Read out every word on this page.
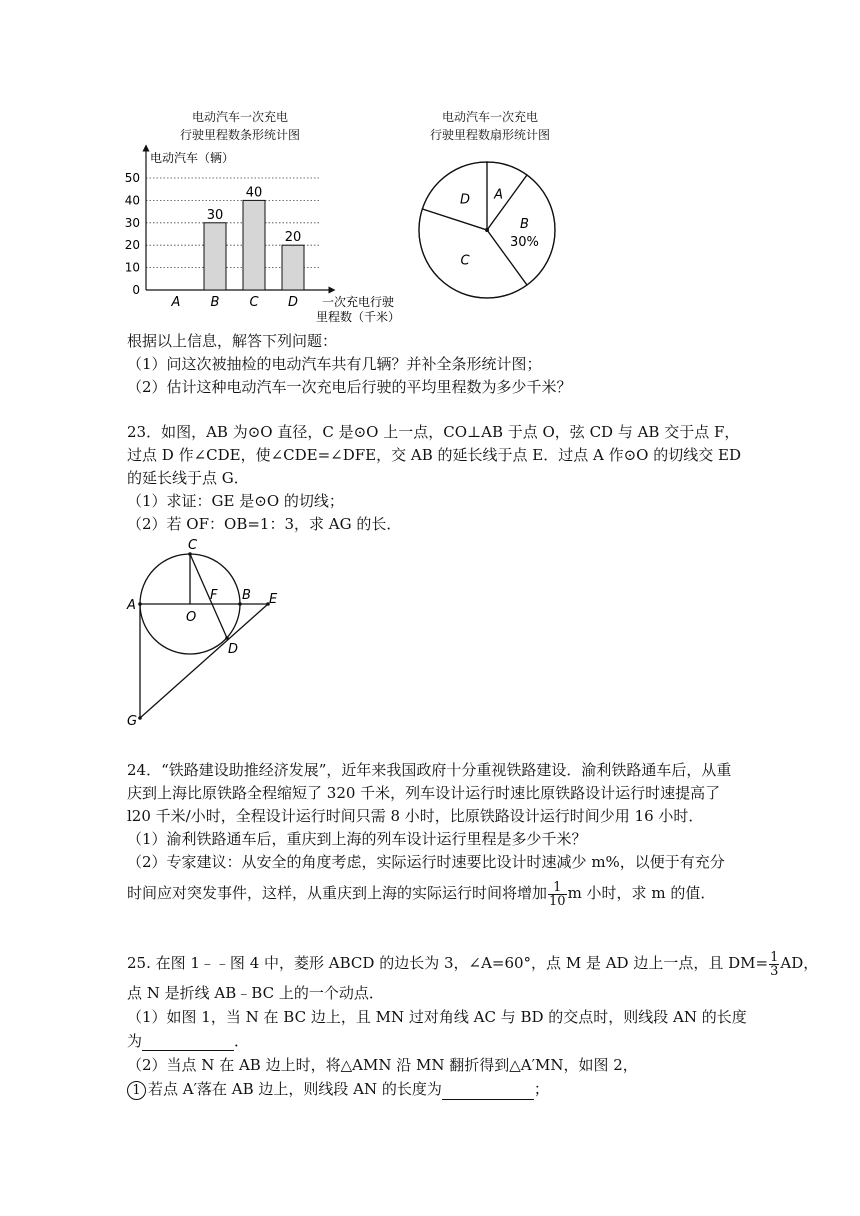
电动汽车一次充电
行驶里程数条形统计图
0
10
20
30
40
50
30
40
20
A B C D
电动汽车（辆）
一次充电行驶
里程数（千米）
电动汽车一次充电
行驶里程数扇形统计图
A
B
30%
C
D
根据以上信息，解答下列问题：
（1）问这次被抽检的电动汽车共有几辆？并补全条形统计图；
（2）估计这种电动汽车一次充电后行驶的平均里程数为多少千米？
23．如图，AB 为⊙O 直径，C 是⊙O 上一点，CO⊥AB 于点 O，弦 CD 与 AB 交于点 F，
过点 D 作∠CDE，使∠CDE=∠DFE，交 AB 的延长线于点 E．过点 A 作⊙O 的切线交 ED
的延长线于点 G．
（1）求证：GE 是⊙O 的切线；
（2）若 OF：OB=1：3，求 AG 的长．
C
A
O
F B E
D
G
24．“铁路建设助推经济发展”，近年来我国政府十分重视铁路建设．渝利铁路通车后，从重
庆到上海比原铁路全程缩短了 320 千米，列车设计运行时速比原铁路设计运行时速提高了
l20 千米/小时，全程设计运行时间只需 8 小时，比原铁路设计运行时间少用 16 小时．
（1）渝利铁路通车后，重庆到上海的列车设计运行里程是多少千米？
（2）专家建议：从安全的角度考虑，实际运行时速要比设计时速减少 m%，以便于有充分
时间应对突发事件，这样，从重庆到上海的实际运行时间将增加 $\frac{1}{10}$ m 小时，求 m 的值．
25. 在图 1﹣﹣图 4 中，菱形 ABCD 的边长为 3，∠A=60°，点 M 是 AD 边上一点，且 $DM= \frac{1}{3}$ AD，
点 N 是折线 AB﹣BC 上的一个动点．
（1）如图 1，当 N 在 BC 边上，且 MN 过对角线 AC 与 BD 的交点时，则线段 AN 的长度
为	．
（2）当点 N 在 AB 边上时，将△AMN 沿 MN 翻折得到△A′MN，如图 2，
1 若点 A′落在 AB 边上，则线段 AN 的长度为	；
